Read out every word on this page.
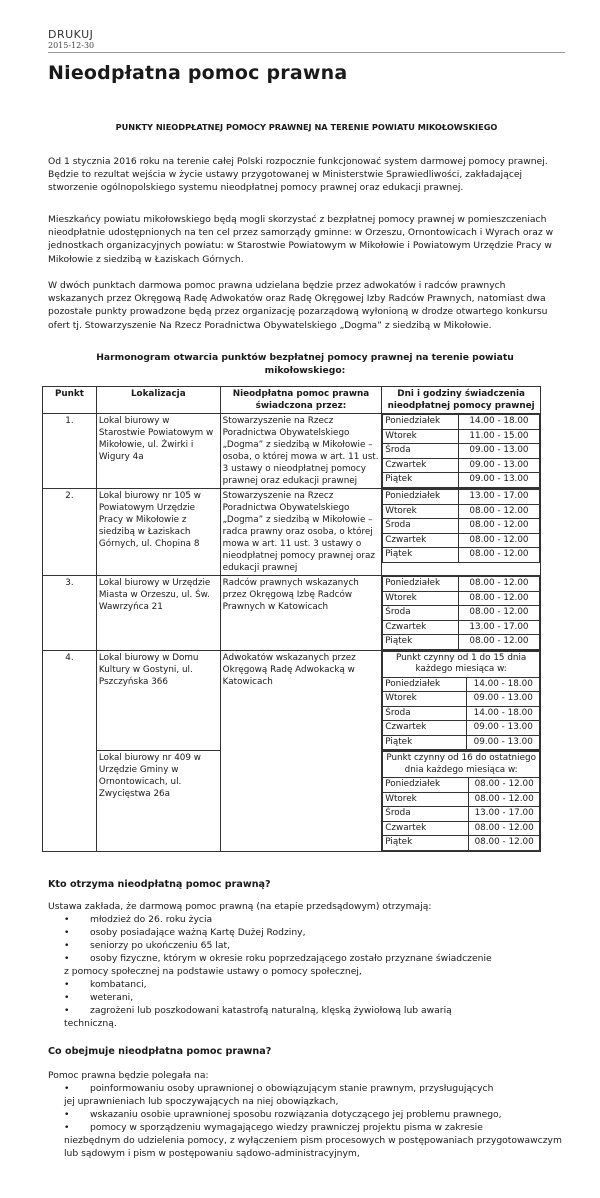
DRUKUJ
2015-12-30
Nieodpłatna pomoc prawna
PUNKTY NIEODPŁATNEJ POMOCY PRAWNEJ NA TERENIE POWIATU MIKOŁOWSKIEGO

Od 1 stycznia 2016 roku na terenie całej Polski rozpocznie funkcjonować system darmowej pomocy prawnej. Będzie to rezultat wejścia w życie ustawy przygotowanej w Ministerstwie Sprawiedliwości, zakładającej stworzenie ogólnopolskiego systemu nieodpłatnej pomocy prawnej oraz edukacji prawnej.

Mieszkańcy powiatu mikołowskiego będą mogli skorzystać z bezpłatnej pomocy prawnej w pomieszczeniach nieodpłatnie udostępnionych na ten cel przez samorządy gminne: w Orzeszu, Ornontowicach i Wyrach oraz w jednostkach organizacyjnych powiatu: w Starostwie Powiatowym w Mikołowie i Powiatowym Urzędzie Pracy w Mikołowie z siedzibą w Łaziskach Górnych.

W dwóch punktach darmowa pomoc prawna udzielana będzie przez adwokatów i radców prawnych wskazanych przez Okręgową Radę Adwokatów oraz Radę Okręgowej Izby Radców Prawnych, natomiast dwa pozostałe punkty prowadzone będą przez organizację pozarządową wyłonioną w drodze otwartego konkursu ofert tj. Stowarzyszenie Na Rzecz Poradnictwa Obywatelskiego „Dogma” z siedzibą w Mikołowie.

Harmonogram otwarcia punktów bezpłatnej pomocy prawnej na terenie powiatu mikołowskiego:
Punkt	Lokalizacja	Nieodpłatna pomoc prawna świadczona przez:	Dni i godziny świadczenia nieodpłatnej pomocy prawnej
1.	Lokal biurowy w Starostwie Powiatowym w Mikołowie, ul. Żwirki i Wigury 4a	Stowarzyszenie na Rzecz Poradnictwa Obywatelskiego „Dogma” z siedzibą w Mikołowie – osoba, o której mowa w art. 11 ust. 3 ustawy o nieodpłatnej pomocy prawnej oraz edukacji prawnej	
Poniedziałek	14.00 - 18.00
Wtorek	11.00 - 15.00
Środa	09.00 - 13.00
Czwartek	09.00 - 13.00
Piątek	09.00 - 13.00

2.	Lokal biurowy nr 105 w Powiatowym Urzędzie Pracy w Mikołowie z siedzibą w Łaziskach Górnych, ul. Chopina 8	Stowarzyszenie na Rzecz Poradnictwa Obywatelskiego „Dogma” z siedzibą w Mikołowie – radca prawny oraz osoba, o której mowa w art. 11 ust. 3 ustawy o nieodpłatnej pomocy prawnej oraz edukacji prawnej	
Poniedziałek	13.00 - 17.00
Wtorek	08.00 - 12.00
Środa	08.00 - 12.00
Czwartek	08.00 - 12.00
Piątek	08.00 - 12.00

3.	Lokal biurowy w Urzędzie Miasta w Orzeszu, ul. Św. Wawrzyńca 21	Radców prawnych wskazanych przez Okręgową Izbę Radców Prawnych w Katowicach	
Poniedziałek	08.00 - 12.00
Wtorek	08.00 - 12.00
Środa	08.00 - 12.00
Czwartek	13.00 - 17.00
Piątek	08.00 - 12.00

4.	Lokal biurowy w Domu Kultury w Gostyni, ul. Pszczyńska 366	Adwokatów wskazanych przez Okręgową Radę Adwokacką w Katowicach	
Punkt czynny od 1 do 15 dnia każdego miesiąca w:
Poniedziałek	14.00 - 18.00
Wtorek	09.00 - 13.00
Środa	14.00 - 18.00
Czwartek	09.00 - 13.00
Piątek	09.00 - 13.00

Lokal biurowy nr 409 w Urzędzie Gminy w Ornontowicach, ul. Zwycięstwa 26a	
Punkt czynny od 16 do ostatniego dnia każdego miesiąca w:
Poniedziałek	08.00 - 12.00
Wtorek	08.00 - 12.00
Środa	13.00 - 17.00
Czwartek	08.00 - 12.00
Piątek	08.00 - 12.00
Kto otrzyma nieodpłatną pomoc prawną?
Ustawa zakłada, że darmową pomoc prawną (na etapie przedsądowym) otrzymają:
•	młodzież do 26. roku życia
•	osoby posiadające ważną Kartę Dużej Rodziny,
•	seniorzy po ukończeniu 65 lat,
•	osoby fizyczne, którym w okresie roku poprzedzającego zostało przyznane świadczenie
z pomocy społecznej na podstawie ustawy o pomocy społecznej,
•	kombatanci,
•	weterani,
•	zagrożeni lub poszkodowani katastrofą naturalną, klęską żywiołową lub awarią
techniczną.
Co obejmuje nieodpłatna pomoc prawna?
Pomoc prawna będzie polegała na:
•	poinformowaniu osoby uprawnionej o obowiązującym stanie prawnym, przysługujących
jej uprawnieniach lub spoczywających na niej obowiązkach,
•	wskazaniu osobie uprawnionej sposobu rozwiązania dotyczącego jej problemu prawnego,
•	pomocy w sporządzeniu wymagającego wiedzy prawniczej projektu pisma w zakresie
niezbędnym do udzielenia pomocy, z wyłączeniem pism procesowych w postępowaniach przygotowawczym lub sądowym i pism w postępowaniu sądowo-administracyjnym,
